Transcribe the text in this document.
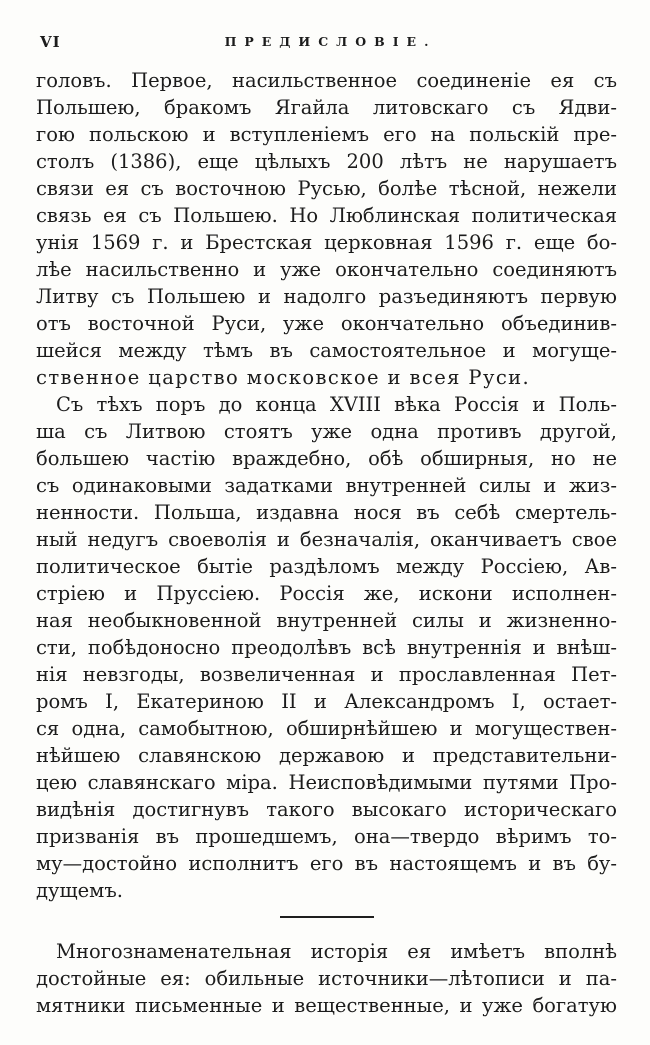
VI	ПРЕДИСЛОВІЕ.
головъ. Первое, насильственное соединеніе ея съ
Польшею, бракомъ Ягайла литовскаго съ Ядви-
гою польскою и вступленіемъ его на польскій пре-
столъ (1386), еще цѣлыхъ 200 лѣтъ не нарушаетъ
связи ея съ восточною Русью, болѣе тѣсной, нежели
связь ея съ Польшею. Но Люблинская политическая
унія 1569 г. и Брестская церковная 1596 г. еще бо-
лѣе насильственно и уже окончательно соединяютъ
Литву съ Польшею и надолго разъединяютъ первую
отъ восточной Руси, уже окончательно объединив-
шейся между тѣмъ въ самостоятельное и могуще-
ственное царство московское и всея Руси.
Съ тѣхъ поръ до конца XVIII вѣка Россія и Поль-
ша съ Литвою стоятъ уже одна противъ другой,
большею частію враждебно, обѣ обширныя, но не
съ одинаковыми задатками внутренней силы и жиз-
ненности. Польша, издавна нося въ себѣ смертель-
ный недугъ своеволія и безначалія, оканчиваетъ свое
политическое бытіе раздѣломъ между Россіею, Ав-
стріею и Пруссіею. Россія же, искони исполнен-
ная необыкновенной внутренней силы и жизненно-
сти, побѣдоносно преодолѣвъ всѣ внутреннія и внѣш-
нія невзгоды, возвеличенная и прославленная Пет-
ромъ I, Екатериною II и Александромъ I, остает-
ся одна, самобытною, обширнѣйшею и могуществен-
нѣйшею славянскою державою и представительни-
цею славянскаго міра. Неисповѣдимыми путями Про-
видѣнія достигнувъ такого высокаго историческаго
призванія въ прошедшемъ, она—твердо вѣримъ то-
му—достойно исполнитъ его въ настоящемъ и въ бу-
дущемъ.
Многознаменательная исторія ея имѣетъ вполнѣ
достойные ея: обильные источники—лѣтописи и па-
мятники письменные и вещественные, и уже богатую
